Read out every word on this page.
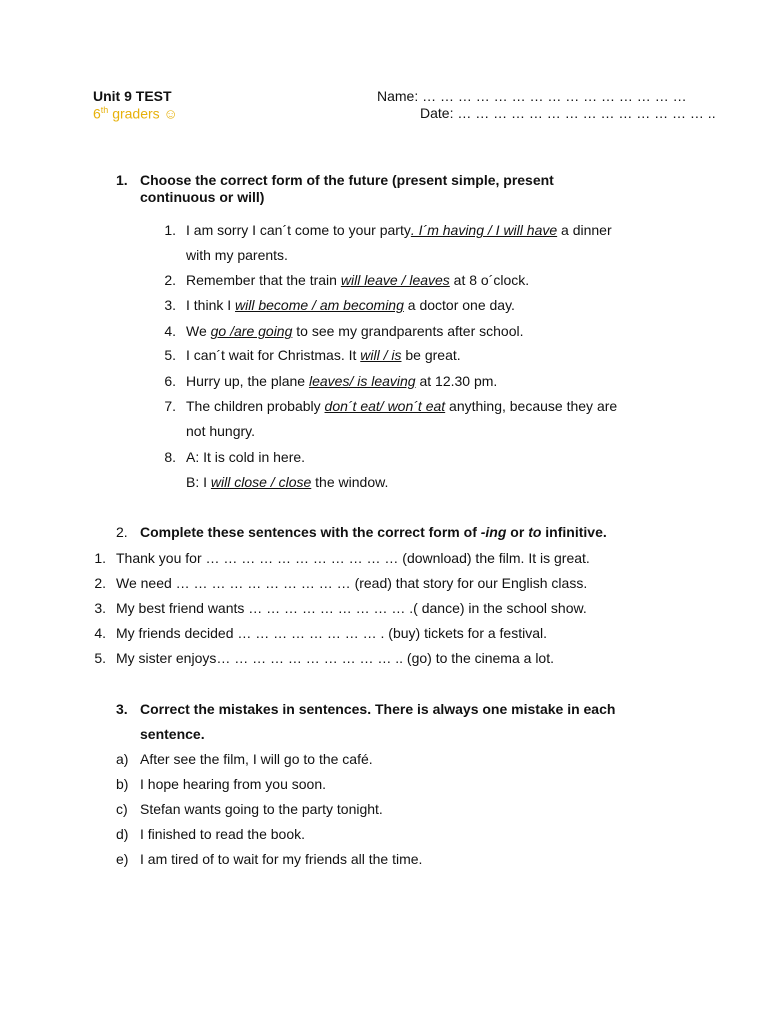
Unit 9 TEST
6th graders ☺
Name: … … … … … … … … … … … … … … …
Date: … … … … … … … … … … … … … … ..
1. Choose the correct form of the future (present simple, present
continuous or will)
1. I am sorry I can´t come to your party. I´m having / I will have a dinner
with my parents.
2. Remember that the train will leave / leaves at 8 o´clock.
3. I think I will become / am becoming a doctor one day.
4. We go /are going to see my grandparents after school.
5. I can´t wait for Christmas. It will / is be great.
6. Hurry up, the plane leaves/ is leaving at 12.30 pm.
7. The children probably don´t eat/ won´t eat anything, because they are
not hungry.
8. A: It is cold in here.
B: I will close / close the window.
2. Complete these sentences with the correct form of -ing or to infinitive.
1. Thank you for … … … … … … … … … … … (download) the film. It is great.
2. We need … … … … … … … … … … (read) that story for our English class.
3. My best friend wants … … … … … … … … … .( dance) in the school show.
4. My friends decided … … … … … … … … . (buy) tickets for a festival.
5. My sister enjoys… … … … … … … … … … .. (go) to the cinema a lot.
3. Correct the mistakes in sentences. There is always one mistake in each
sentence.
a) After see the film, I will go to the café.
b) I hope hearing from you soon.
c) Stefan wants going to the party tonight.
d) I finished to read the book.
e) I am tired of to wait for my friends all the time.
